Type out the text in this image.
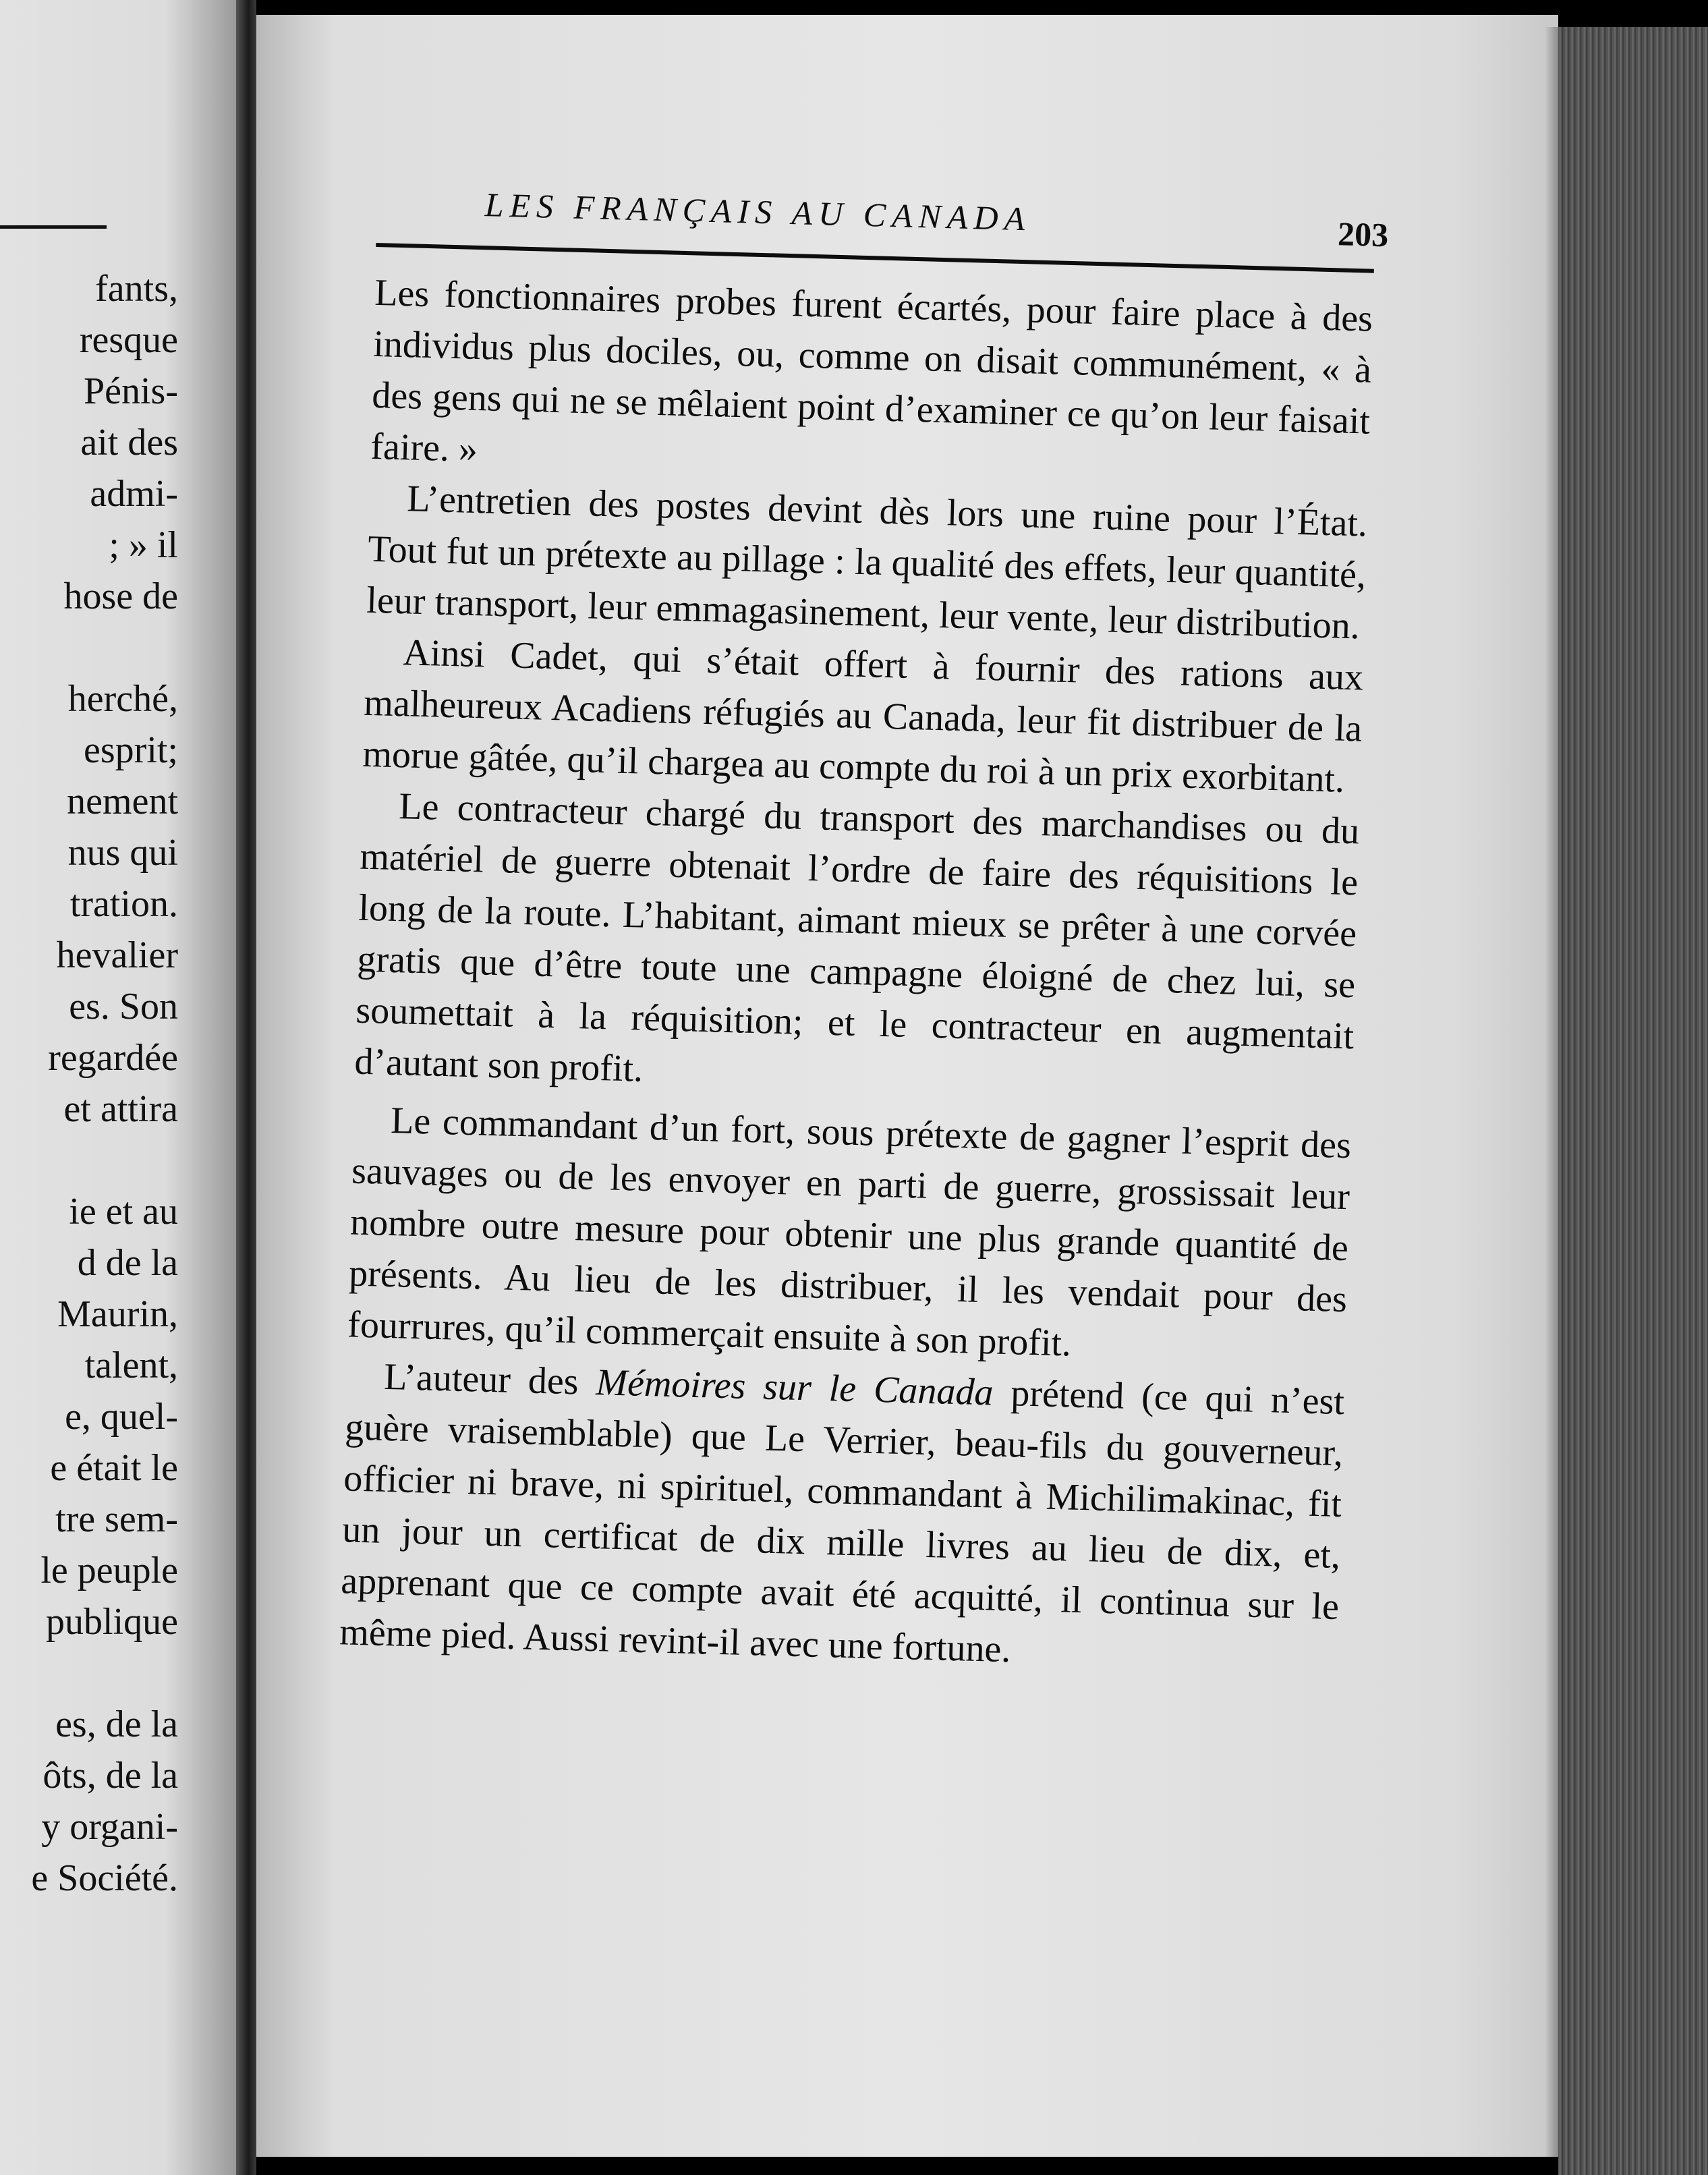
fants,
resque
Pénis-
ait des
admi-
; » il
hose de
herché,
esprit;
nement
nus qui
tration.
hevalier
es. Son
regardée
et attira
ie et au
d de la
Maurin,
talent,
e, quel-
e était le
tre sem-
le peuple
publique
es, de la
ôts, de la
y organi-
e Société.
LES FRANÇAIS AU CANADA	203

Les fonctionnaires probes furent écartés, pour faire place à des individus plus dociles, ou, comme on disait communément, « à des gens qui ne se mêlaient point d’examiner ce qu’on leur faisait faire. »

L’entretien des postes devint dès lors une ruine pour l’État. Tout fut un prétexte au pillage : la qualité des effets, leur quantité, leur transport, leur emmagasinement, leur vente, leur distribution.

Ainsi Cadet, qui s’était offert à fournir des rations aux malheureux Acadiens réfugiés au Canada, leur fit distribuer de la morue gâtée, qu’il chargea au compte du roi à un prix exorbitant.

Le contracteur chargé du transport des marchandises ou du matériel de guerre obtenait l’ordre de faire des réquisitions le long de la route. L’habitant, aimant mieux se prêter à une corvée gratis que d’être toute une campagne éloigné de chez lui, se soumettait à la réquisition; et le contracteur en augmentait d’autant son profit.

Le commandant d’un fort, sous prétexte de gagner l’esprit des sauvages ou de les envoyer en parti de guerre, grossissait leur nombre outre mesure pour obtenir une plus grande quantité de présents. Au lieu de les distribuer, il les vendait pour des fourrures, qu’il commerçait ensuite à son profit.

L’auteur des Mémoires sur le Canada prétend (ce qui n’est guère vraisemblable) que Le Verrier, beau-fils du gouverneur, officier ni brave, ni spirituel, commandant à Michilimakinac, fit un jour un certificat de dix mille livres au lieu de dix, et, apprenant que ce compte avait été acquitté, il continua sur le même pied. Aussi revint-il avec une fortune.
